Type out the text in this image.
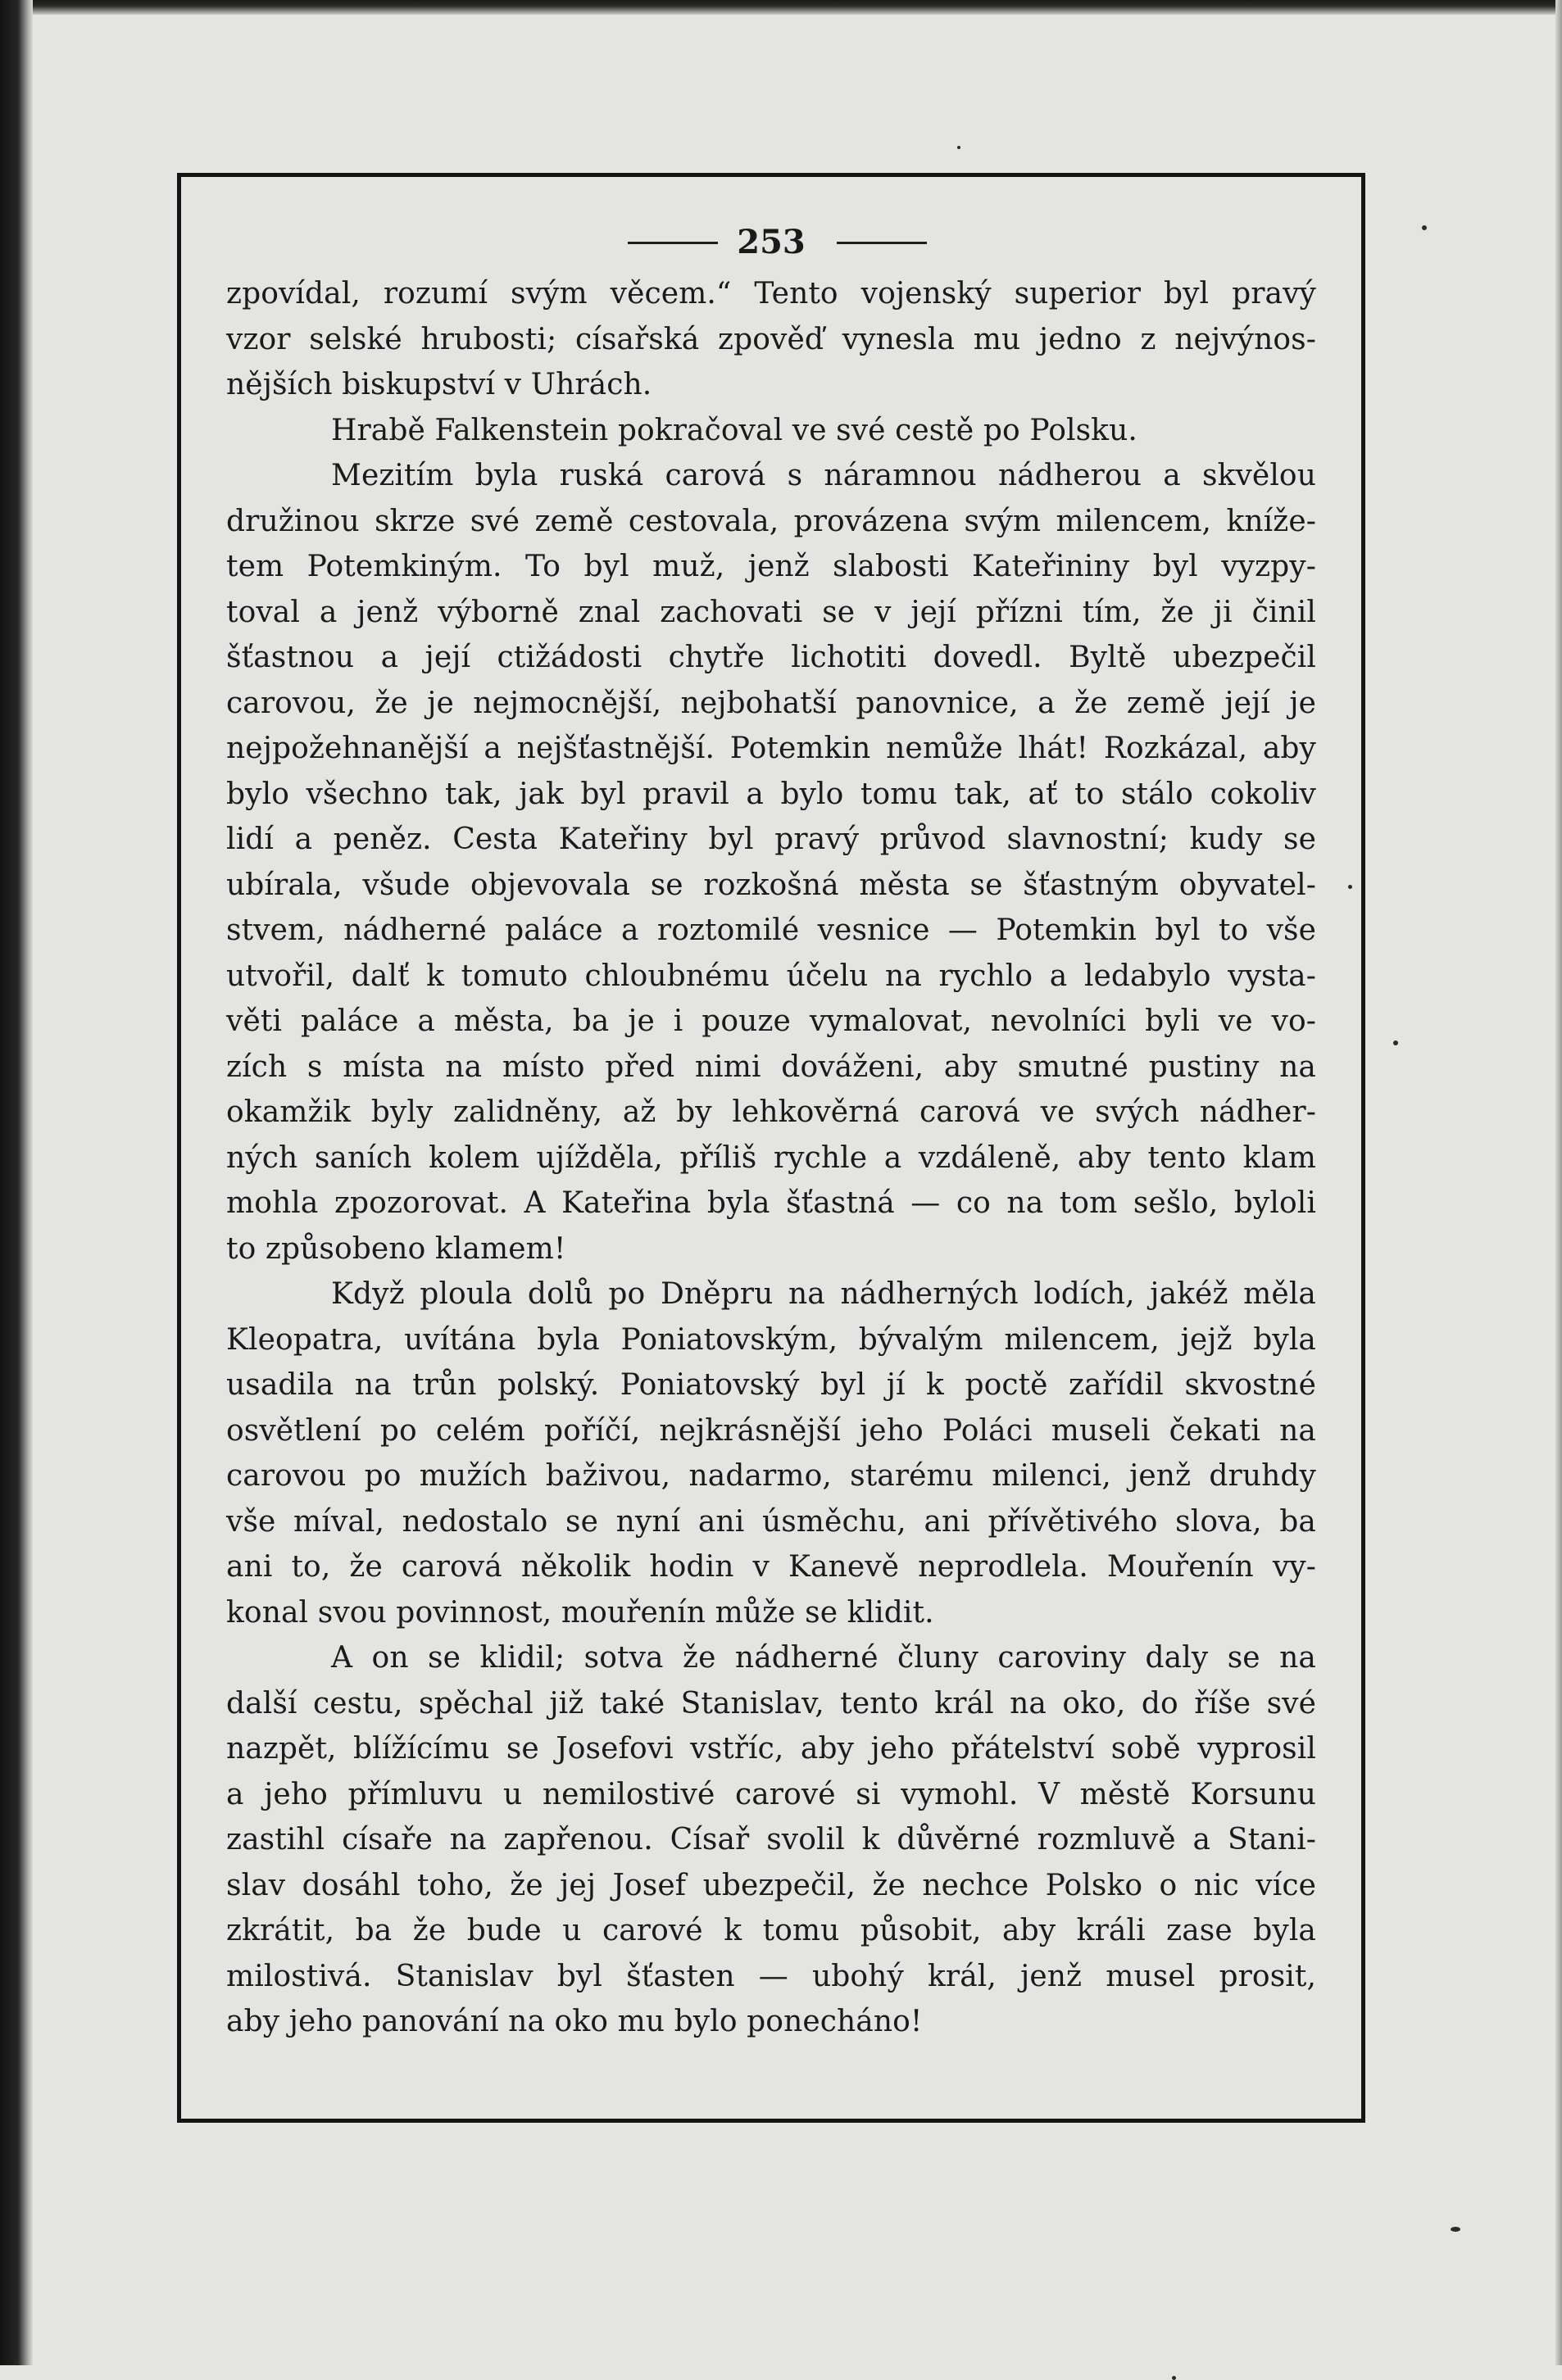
253
zpovídal, rozumí svým věcem.“ Tento vojenský superior byl pravý
vzor selské hrubosti; císařská zpověď vynesla mu jedno z nejvýnos-
nějších biskupství v Uhrách.
Hrabě Falkenstein pokračoval ve své cestě po Polsku.
Mezitím byla ruská carová s náramnou nádherou a skvělou
družinou skrze své země cestovala, provázena svým milencem, kníže-
tem Potemkiným. To byl muž, jenž slabosti Kateřininy byl vyzpy-
toval a jenž výborně znal zachovati se v její přízni tím, že ji činil
šťastnou a její ctižádosti chytře lichotiti dovedl. Byltě ubezpečil
carovou, že je nejmocnější, nejbohatší panovnice, a že země její je
nejpožehnanější a nejšťastnější. Potemkin nemůže lhát! Rozkázal, aby
bylo všechno tak, jak byl pravil a bylo tomu tak, ať to stálo cokoliv
lidí a peněz. Cesta Kateřiny byl pravý průvod slavnostní; kudy se
ubírala, všude objevovala se rozkošná města se šťastným obyvatel-
stvem, nádherné paláce a roztomilé vesnice — Potemkin byl to vše
utvořil, dalť k tomuto chloubnému účelu na rychlo a ledabylo vysta-
věti paláce a města, ba je i pouze vymalovat, nevolníci byli ve vo-
zích s místa na místo před nimi dováženi, aby smutné pustiny na
okamžik byly zalidněny, až by lehkověrná carová ve svých nádher-
ných saních kolem ujížděla, příliš rychle a vzdáleně, aby tento klam
mohla zpozorovat. A Kateřina byla šťastná — co na tom sešlo, byloli
to způsobeno klamem!
Když ploula dolů po Dněpru na nádherných lodích, jakéž měla
Kleopatra, uvítána byla Poniatovským, bývalým milencem, jejž byla
usadila na trůn polský. Poniatovský byl jí k poctě zařídil skvostné
osvětlení po celém poříčí, nejkrásnější jeho Poláci museli čekati na
carovou po mužích baživou, nadarmo, starému milenci, jenž druhdy
vše míval, nedostalo se nyní ani úsměchu, ani přívětivého slova, ba
ani to, že carová několik hodin v Kanevě neprodlela. Mouřenín vy-
konal svou povinnost, mouřenín může se klidit.
A on se klidil; sotva že nádherné čluny caroviny daly se na
další cestu, spěchal již také Stanislav, tento král na oko, do říše své
nazpět, blížícímu se Josefovi vstříc, aby jeho přátelství sobě vyprosil
a jeho přímluvu u nemilostivé carové si vymohl. V městě Korsunu
zastihl císaře na zapřenou. Císař svolil k důvěrné rozmluvě a Stani-
slav dosáhl toho, že jej Josef ubezpečil, že nechce Polsko o nic více
zkrátit, ba že bude u carové k tomu působit, aby králi zase byla
milostivá. Stanislav byl šťasten — ubohý král, jenž musel prosit,
aby jeho panování na oko mu bylo ponecháno!
